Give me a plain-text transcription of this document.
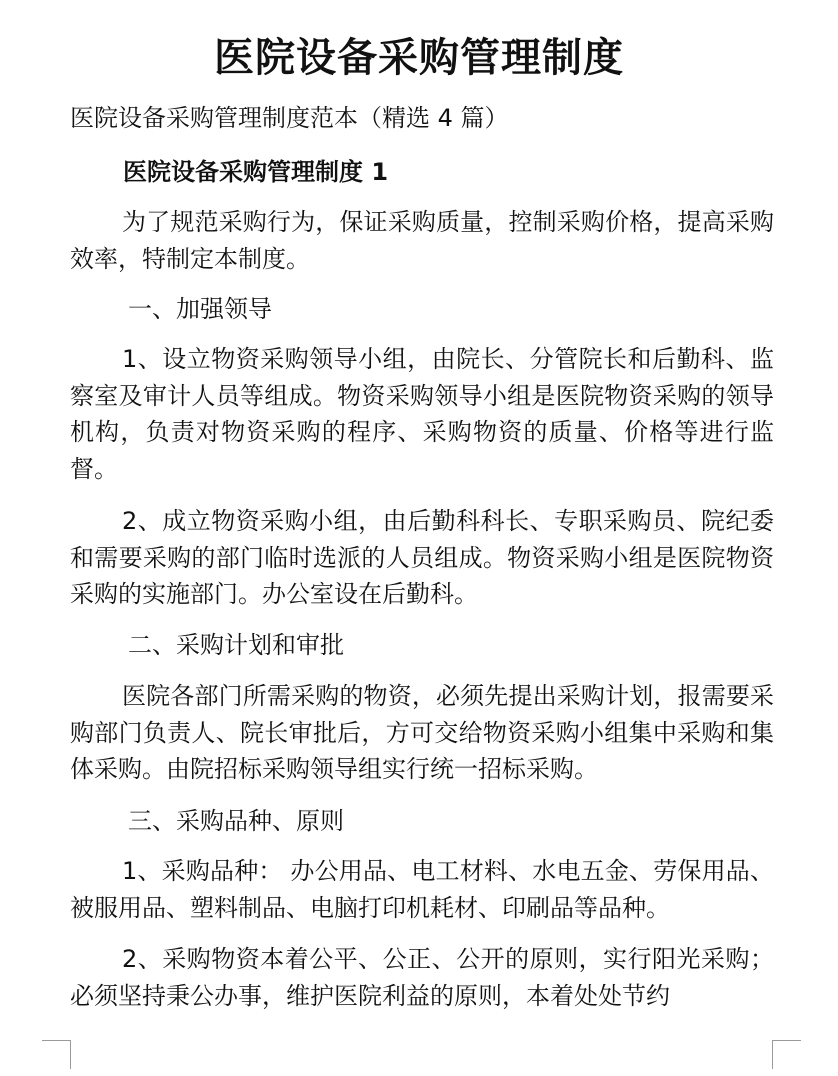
医院设备采购管理制度

医院设备采购管理制度范本（精选 4 篇）

医院设备采购管理制度 1

为了规范采购行为，保证采购质量，控制采购价格，提高采购效率，特制定本制度。

一、加强领导

1、设立物资采购领导小组，由院长、分管院长和后勤科、监察室及审计人员等组成。物资采购领导小组是医院物资采购的领导机构，负责对物资采购的程序、采购物资的质量、价格等进行监督。

2、成立物资采购小组，由后勤科科长、专职采购员、院纪委和需要采购的部门临时选派的人员组成。物资采购小组是医院物资采购的实施部门。办公室设在后勤科。

二、采购计划和审批

医院各部门所需采购的物资，必须先提出采购计划，报需要采购部门负责人、院长审批后，方可交给物资采购小组集中采购和集体采购。由院招标采购领导组实行统一招标采购。

三、采购品种、原则

1、采购品种： 办公用品、电工材料、水电五金、劳保用品、被服用品、塑料制品、电脑打印机耗材、印刷品等品种。

2、采购物资本着公平、公正、公开的原则，实行阳光采购；必须坚持秉公办事，维护医院利益的原则，本着处处节约
